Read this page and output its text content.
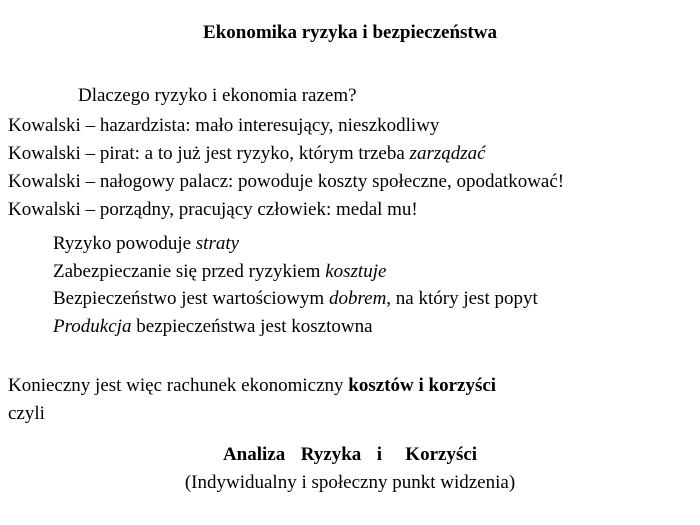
Ekonomika ryzyka i bezpieczeństwa
Dlaczego ryzyko i ekonomia razem?
Kowalski – hazardzista: mało interesujący, nieszkodliwy
Kowalski – pirat: a to już jest ryzyko, którym trzeba zarządzać
Kowalski – nałogowy palacz: powoduje koszty społeczne, opodatkować!
Kowalski – porządny, pracujący człowiek: medal mu!
Ryzyko powoduje straty
Zabezpieczanie się przed ryzykiem kosztuje
Bezpieczeństwo jest wartościowym dobrem, na który jest popyt
Produkcja bezpieczeństwa jest kosztowna
Konieczny jest więc rachunek ekonomiczny kosztów i korzyści
czyli
Analiza  Ryzyka  i   Korzyści
(Indywidualny i społeczny punkt widzenia)
